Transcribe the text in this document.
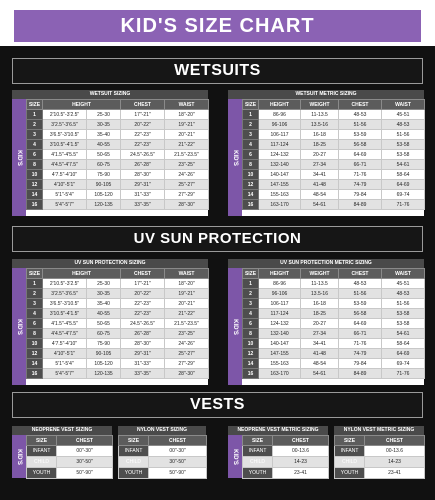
KID'S SIZE CHART
WETSUITS
WETSUIT SIZING
KID'S
SIZE	HEIGHT		CHEST	WAIST
1	2'10.5"-3'2.5"	25-30	17"-21"	18"-20"
2	3'2.5"-3'6.5"	30-35	20"-22"	19"-21"
3	3'6.5"-3'10.5"	35-40	22"-23"	20"-21"
4	3'10.5"-4'1.5"	40-55	22"-23"	21"-22"
6	4'1.5"-4'5.5"	50-65	24.5"-26.5"	21.5"-23.5"
8	4'4.5"-4'7.5"	60-75	26"-28"	23"-25"
10	4'7.5"-4'10"	75-90	28"-30"	24"-26"
12	4'10"-5'1"	90-105	29"-31"	25"-27"
14	5'1"-5'4"	105-120	31"-33"	27"-29"
16	5'4"-5'7"	120-135	33"-35"	28"-30"
WETSUIT METRIC SIZING
KID'S
SIZE	HEIGHT	WEIGHT	CHEST	WAIST
1	86-96	11-13.5	48-53	45-51
2	96-106	13.5-16	51-56	48-53
3	106-117	16-18	53-59	51-56
4	117-124	18-25	56-58	53-58
6	124-132	20-27	64-69	53-58
8	132-140	27-34	66-71	54-61
10	140-147	34-41	71-76	58-64
12	147-155	41-48	74-79	64-69
14	155-163	48-54	79-84	69-74
16	163-170	54-61	84-89	71-76
UV SUN PROTECTION
UV SUN PROTECTION SIZING
KID'S
SIZE	HEIGHT		CHEST	WAIST
1	2'10.5"-3'2.5"	25-30	17"-21"	18"-20"
2	3'2.5"-3'6.5"	30-35	20"-22"	19"-21"
3	3'6.5"-3'10.5"	35-40	22"-23"	20"-21"
4	3'10.5"-4'1.5"	40-55	22"-23"	21"-22"
6	4'1.5"-4'5.5"	50-65	24.5"-26.5"	21.5"-23.5"
8	4'4.5"-4'7.5"	60-75	26"-28"	23"-25"
10	4'7.5"-4'10"	75-90	28"-30"	24"-26"
12	4'10"-5'1"	90-105	29"-31"	25"-27"
14	5'1"-5'4"	105-120	31"-33"	27"-29"
16	5'4"-5'7"	120-135	33"-35"	28"-30"
UV SUN PROTECTION METRIC SIZING
KID'S
SIZE	HEIGHT	WEIGHT	CHEST	WAIST
1	86-96	11-13.5	48-53	45-51
2	96-106	13.5-16	51-56	48-53
3	106-117	16-18	53-59	51-56
4	117-124	18-25	56-58	53-58
6	124-132	20-27	64-69	53-58
8	132-140	27-34	66-71	54-61
10	140-147	34-41	71-76	58-64
12	147-155	41-48	74-79	64-69
14	155-163	48-54	79-84	69-74
16	163-170	54-61	84-89	71-76
VESTS
NEOPRENE VEST SIZING
KID'S
SIZE	CHEST
INFANT	00"-30"
CHILD	30"-50"
YOUTH	50"-90"
NYLON VEST SIZING
SIZE	CHEST
INFANT	00"-30"
CHILD	30"-50"
YOUTH	50"-90"
NEOPRENE VEST METRIC SIZING
KID'S
SIZE	CHEST
INFANT	00-13.6
CHILD	14-23
YOUTH	23-41
NYLON VEST METRIC SIZING
SIZE	CHEST
INFANT	00-13.6
CHILD	14-23
YOUTH	23-41
